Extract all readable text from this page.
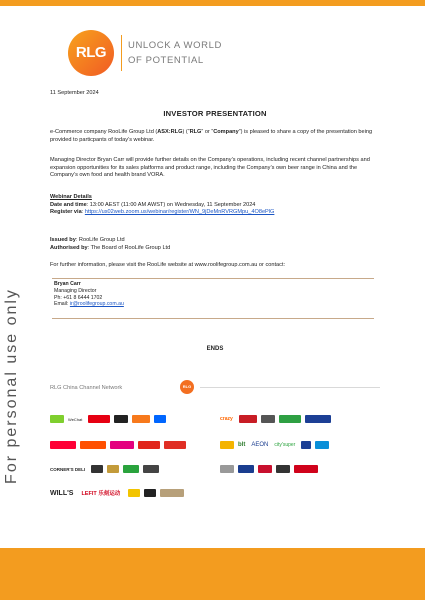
RLG	UNLOCK A WORLD
OF POTENTIAL
For personal use only
11 September 2024
INVESTOR PRESENTATION
e-Commerce company RooLife Group Ltd (ASX:RLG) (“RLG” or “Company”) is pleased to share a copy of the presentation being provided to particpants of today’s webinar.
Managing Director Bryan Carr will provide further details on the Company’s operations, including recent channel partnerships and expansion opportunities for its sales platforms and product range, including the Company’s own beer range in China and the Company’s own food and health brand VORA.
Webinar Details
Date and time: 13:00 AEST (11:00 AM AWST) on Wednesday, 11 September 2024
Register via: https://us02web.zoom.us/webinar/register/WN_9jDeMnRVRGMpu_4O8ePlG
Issued by: RooLife Group Ltd
Authorised by: The Board of RooLife Group Ltd
For further information, please visit the RooLife website at www.roolifegroup.com.au or contact:
Bryan Carr
Managing Director
Ph: +61 8 6444 1702
Email: ir@roolifegroup.com.au
ENDS
RLG China Channel Network	RLG
WeChat	crazy
blt AEON city'super
CORNER'S DELI
WILL'S LEFIT 乐刻运动
